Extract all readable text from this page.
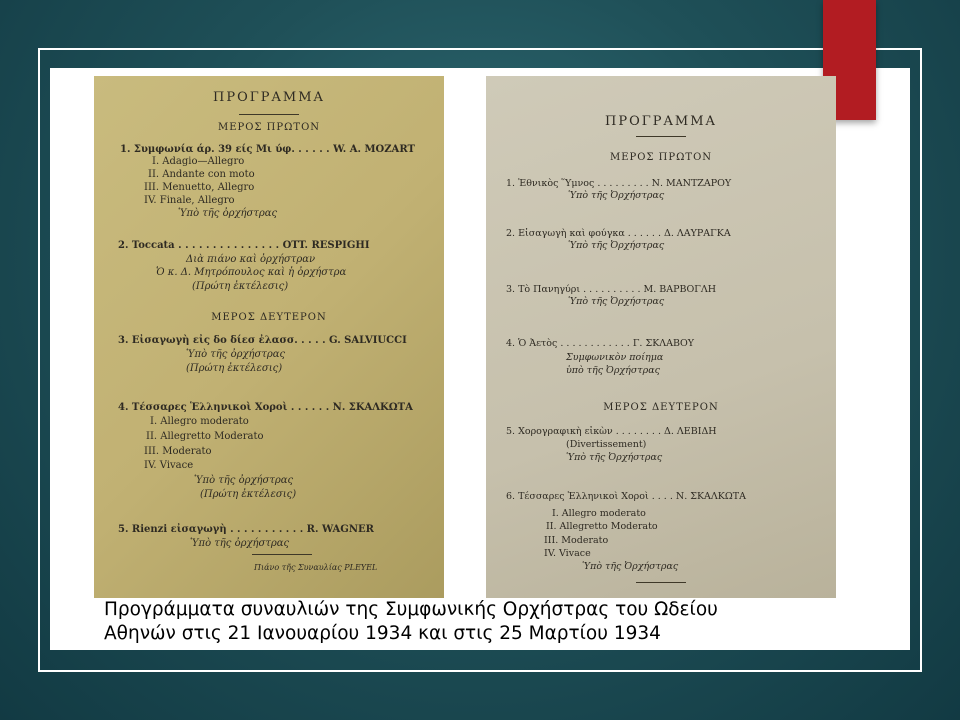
ΠΡΟΓΡΑΜΜΑ
ΜΕΡΟΣ ΠΡΩΤΟΝ
1. Συμφωνία άρ. 39 είς Μι ύφ. . . . . . W. A. MOZART
I. Adagio—Allegro
II. Andante con moto
III. Menuetto, Allegro
IV. Finale, Allegro
Ὑπὸ τῆς ὀρχήστρας
2. Toccata . . . . . . . . . . . . . . . OTT. RESPIGHI
Διὰ πιάνο καὶ ὀρχήστραν
Ὁ κ. Δ. Μητρόπουλος καὶ ἡ ὀρχήστρα
(Πρώτη ἐκτέλεσις)
ΜΕΡΟΣ ΔΕΥΤΕΡΟΝ
3. Εἰσαγωγὴ εἰς δο δίεσ ἐλασσ. . . . . G. SALVIUCCI
Ὑπὸ τῆς ὀρχήστρας
(Πρώτη ἐκτέλεσις)
4. Τέσσαρες Ἑλληνικοὶ Χοροὶ . . . . . . Ν. ΣΚΑΛΚΩΤΑ
I. Allegro moderato
II. Allegretto Moderato
III. Moderato
IV. Vivace
Ὑπὸ τῆς ὀρχήστρας
(Πρώτη ἐκτέλεσις)
5. Rienzi εἰσαγωγὴ . . . . . . . . . . . R. WAGNER
Ὑπὸ τῆς ὀρχήστρας
Πιάνο τῆς Συναυλίας PLEYEL
ΠΡΟΓΡΑΜΜΑ
ΜΕΡΟΣ ΠΡΩΤΟΝ
1. Ἐθνικὸς Ὕμνος . . . . . . . . . Ν. ΜΑΝΤΖΑΡΟΥ
Ὑπὸ τῆς Ὀρχήστρας
2. Εἰσαγωγὴ καὶ φούγκα . . . . . . Δ. ΛΑΥΡΑΓΚΑ
Ὑπὸ τῆς Ὀρχήστρας
3. Τὸ Πανηγύρι . . . . . . . . . . Μ. ΒΑΡΒΟΓΛΗ
Ὑπὸ τῆς Ὀρχήστρας
4. Ὁ Ἀετὸς . . . . . . . . . . . . Γ. ΣΚΛΑΒΟΥ
Συμφωνικὸν ποίημα
ὑπὸ τῆς Ὀρχήστρας
ΜΕΡΟΣ ΔΕΥΤΕΡΟΝ
5. Χορογραφικὴ εἰκὼν . . . . . . . . Δ. ΛΕΒΙΔΗ
(Divertissement)
Ὑπὸ τῆς Ὀρχήστρας
6. Τέσσαρες Ἑλληνικοὶ Χοροὶ . . . . Ν. ΣΚΑΛΚΩΤΑ
I. Allegro moderato
II. Allegretto Moderato
III. Moderato
IV. Vivace
Ὑπὸ τῆς Ὀρχήστρας
Προγράμματα συναυλιών της Συμφωνικής Ορχήστρας του Ωδείου
Αθηνών στις 21 Ιανουαρίου 1934 και στις 25 Μαρτίου 1934
